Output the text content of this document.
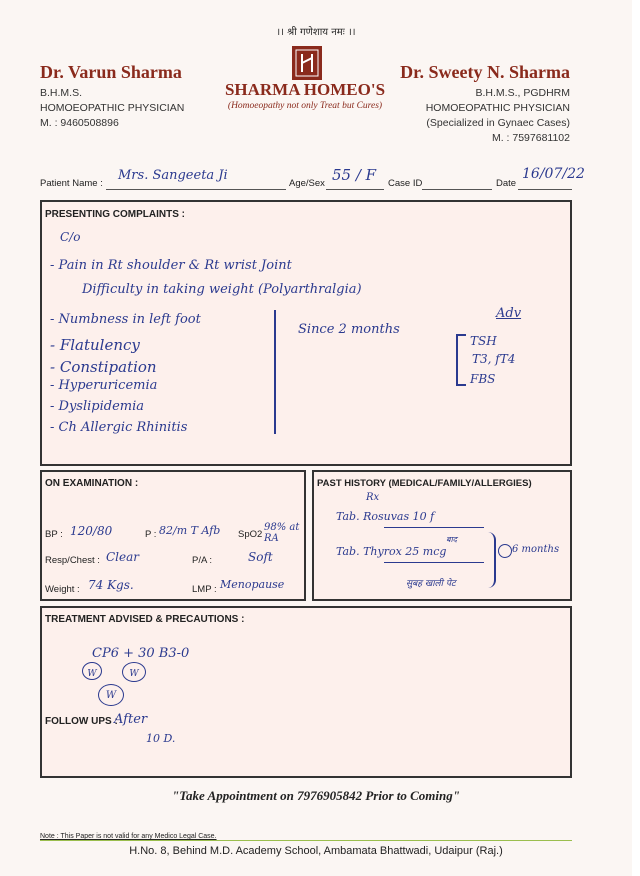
।। श्री गणेशाय नमः ।।
Dr. Varun Sharma
B.H.M.S.
HOMOEOPATHIC PHYSICIAN
M. : 9460508896
SHARMA HOMEO'S
(Homoeopathy not only Treat but Cures)
Dr. Sweety N. Sharma
B.H.M.S., PGDHRM
HOMOEOPATHIC PHYSICIAN
(Specialized in Gynaec Cases)
M. : 7597681102
Patient Name :
Mrs. Sangeeta Ji
Age/Sex 55 / F Case ID	Date
16/07/22
PRESENTING COMPLAINTS :
C/o
- Pain in Rt shoulder & Rt wrist Joint
Difficulty in taking weight (Polyarthralgia)
- Numbness in left foot
- Flatulency
- Constipation
- Hyperuricemia
- Dyslipidemia
- Ch Allergic Rhinitis
Since 2 months
Adv
TSH
T3, fT4
FBS
ON EXAMINATION :
BP : 120/80	P : 82/m T Afb SpO2
98% at RA
Resp/Chest : Clear	P/A :	Soft
Weight : 74 Kgs.	LMP : Menopause
PAST HISTORY (MEDICAL/FAMILY/ALLERGIES)
Rx
Tab. Rosuvas 10 f
बाद
Tab. Thyrox 25 mcg
सुबह खाली पेट
6 months
TREATMENT ADVISED & PRECAUTIONS :
CP6 + 30 B3-0
W	W
W
FOLLOW UPS :
After
10 D.
"Take Appointment on 7976905842 Prior to Coming"
Note : This Paper is not valid for any Medico Legal Case.
H.No. 8, Behind M.D. Academy School, Ambamata Bhattwadi, Udaipur (Raj.)
